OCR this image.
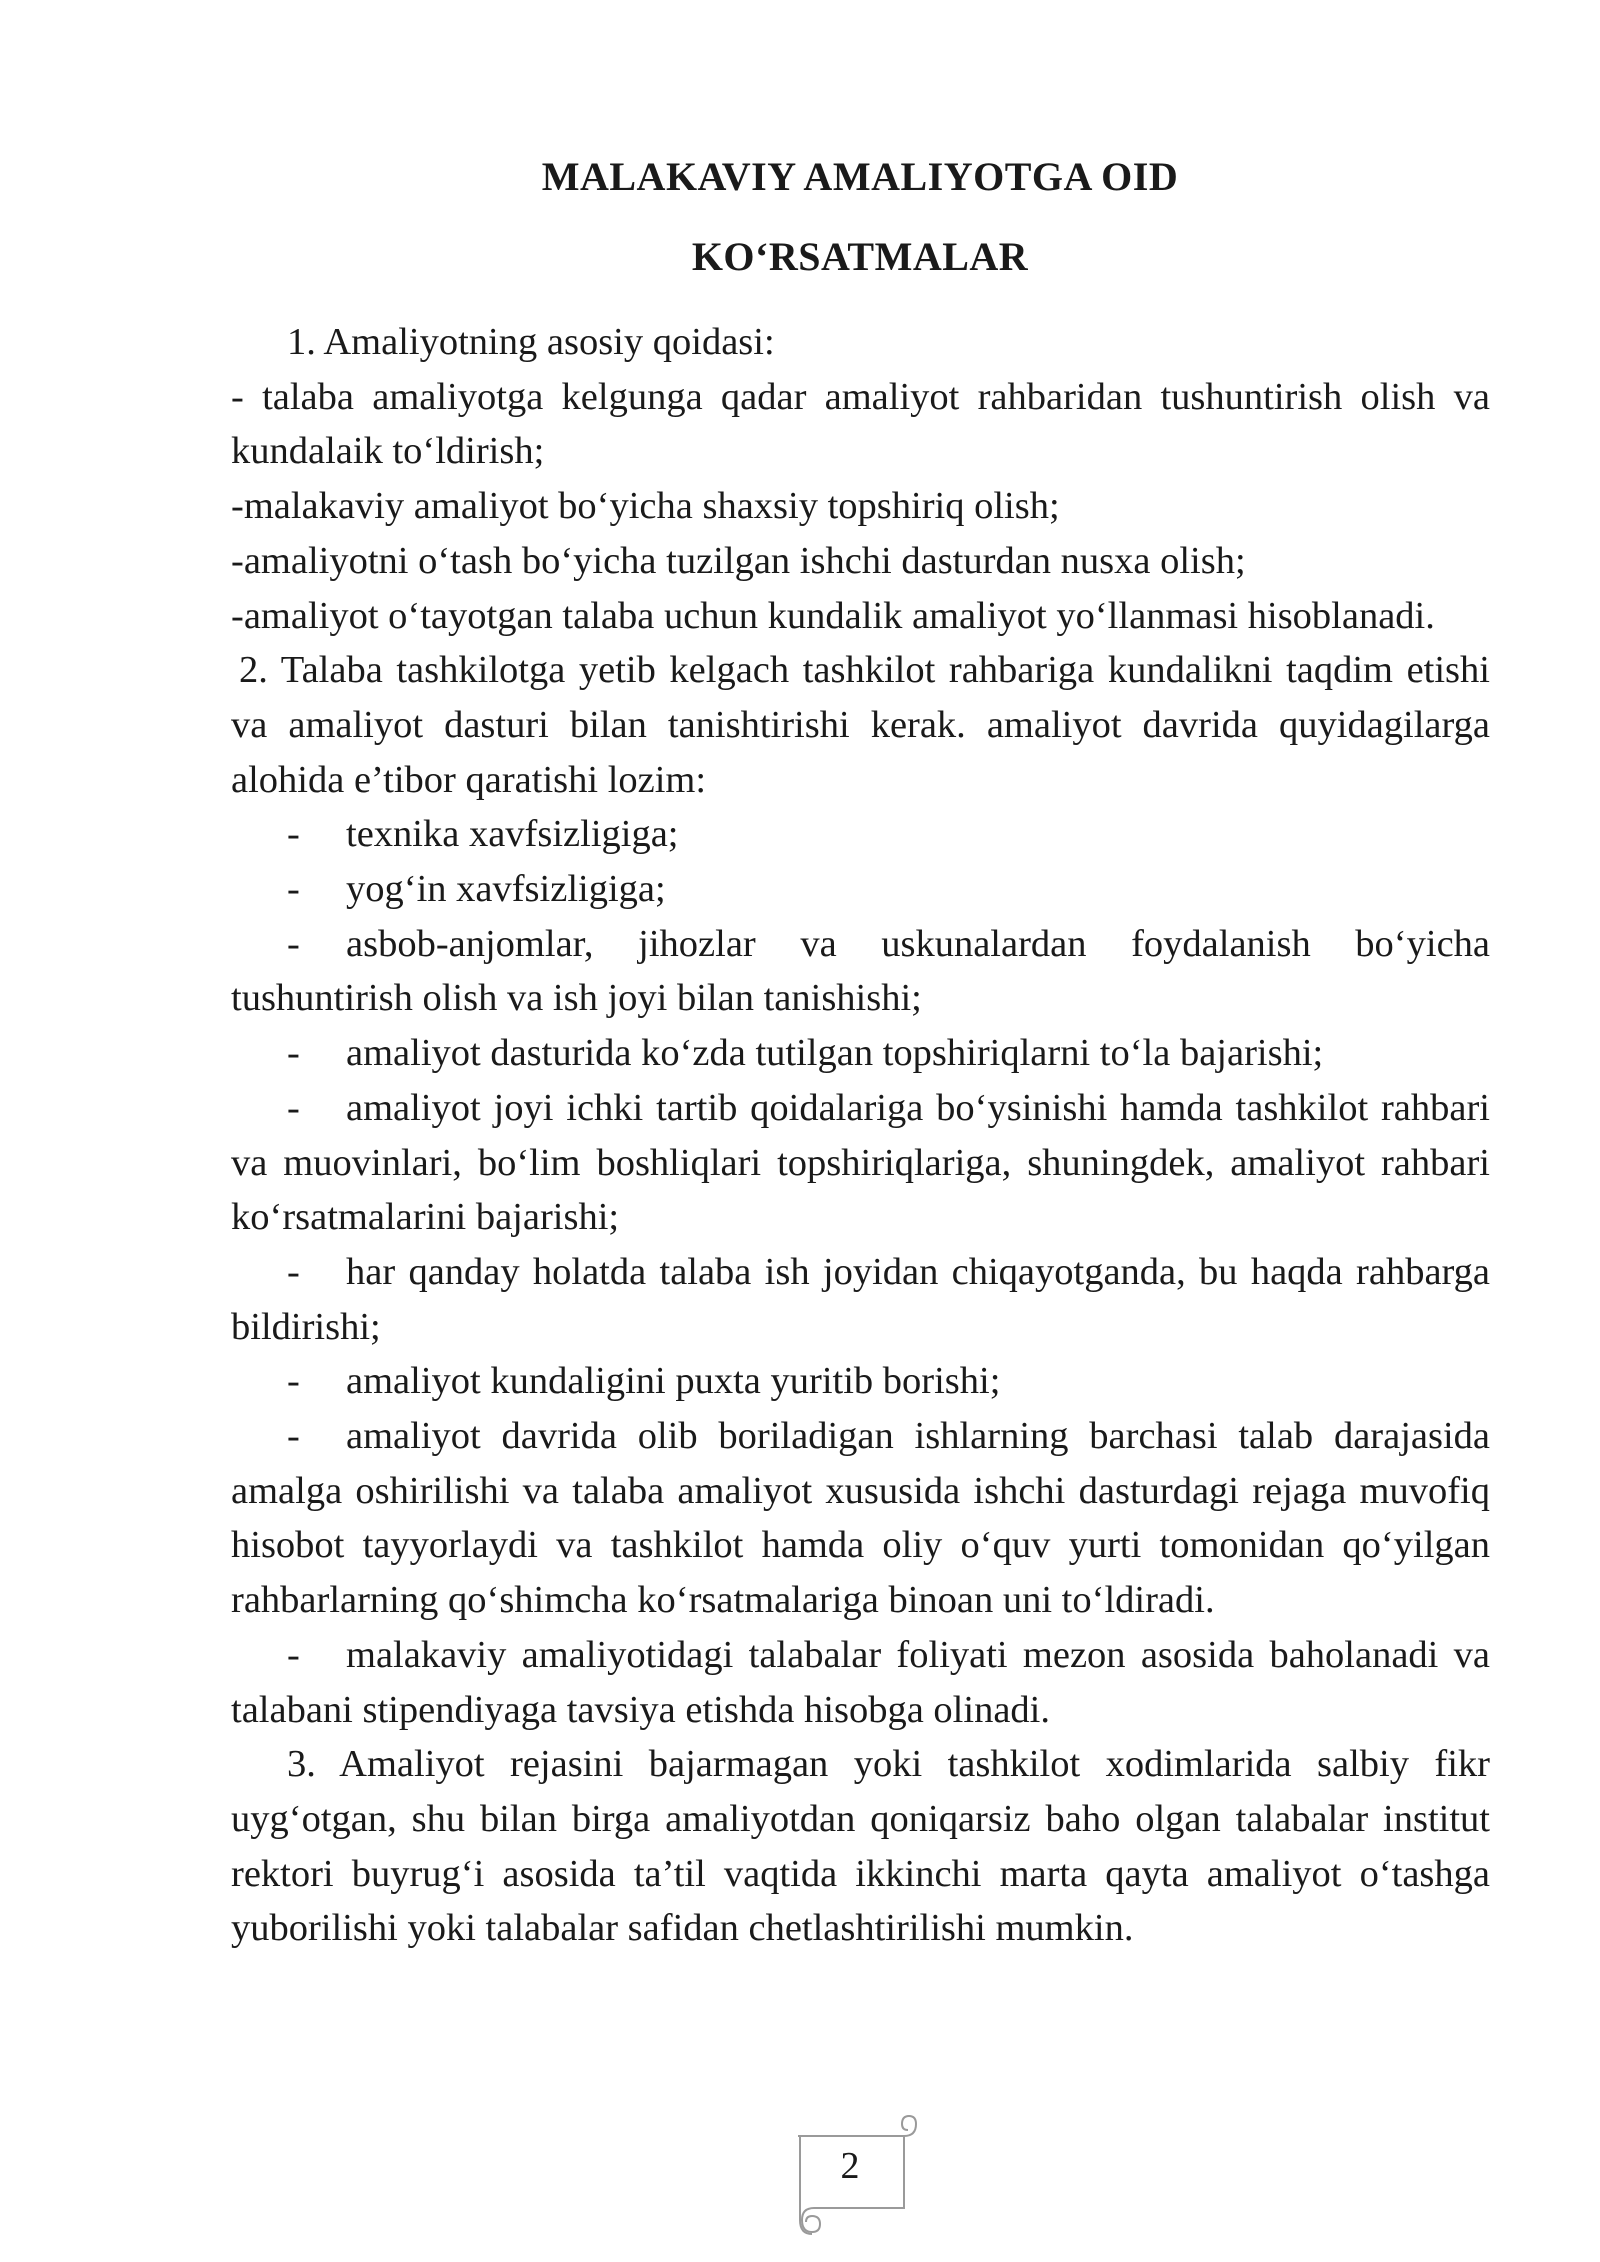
MALAKAVIY AMALIYOTGA OID
KO‘RSATMALAR

1. Amaliyotning asosiy qoidasi:

- talaba amaliyotga kelgunga qadar amaliyot rahbaridan tushuntirish olish va kundalaik to‘ldirish;

-malakaviy amaliyot bo‘yicha shaxsiy topshiriq olish;

-amaliyotni o‘tash bo‘yicha tuzilgan ishchi dasturdan nusxa olish;

-amaliyot o‘tayotgan talaba uchun kundalik amaliyot yo‘llanmasi hisoblanadi.

2. Talaba tashkilotga yetib kelgach tashkilot rahbariga kundalikni taqdim etishi va amaliyot dasturi bilan tanishtirishi kerak. amaliyot davrida quyidagilarga alohida e’tibor qaratishi lozim:

- texnika xavfsizligiga;

- yog‘in xavfsizligiga;

- asbob-anjomlar, jihozlar va uskunalardan foydalanish bo‘yicha tushuntirish olish va ish joyi bilan tanishishi;

- amaliyot dasturida ko‘zda tutilgan topshiriqlarni to‘la bajarishi;

- amaliyot joyi ichki tartib qoidalariga bo‘ysinishi hamda tashkilot rahbari va muovinlari, bo‘lim boshliqlari topshiriqlariga, shuningdek, amaliyot rahbari ko‘rsatmalarini bajarishi;

- har qanday holatda talaba ish joyidan chiqayotganda, bu haqda rahbarga bildirishi;

- amaliyot kundaligini puxta yuritib borishi;

- amaliyot davrida olib boriladigan ishlarning barchasi talab darajasida amalga oshirilishi va talaba amaliyot xususida ishchi dasturdagi rejaga muvofiq hisobot tayyorlaydi va tashkilot hamda oliy o‘quv yurti tomonidan qo‘yilgan rahbarlarning qo‘shimcha ko‘rsatmalariga binoan uni to‘ldiradi.

- malakaviy amaliyotidagi talabalar foliyati mezon asosida baholanadi va talabani stipendiyaga tavsiya etishda hisobga olinadi.

3. Amaliyot rejasini bajarmagan yoki tashkilot xodimlarida salbiy fikr uyg‘otgan, shu bilan birga amaliyotdan qoniqarsiz baho olgan talabalar institut rektori buyrug‘i asosida ta’til vaqtida ikkinchi marta qayta amaliyot o‘tashga yuborilishi yoki talabalar safidan chetlashtirilishi mumkin.

2
